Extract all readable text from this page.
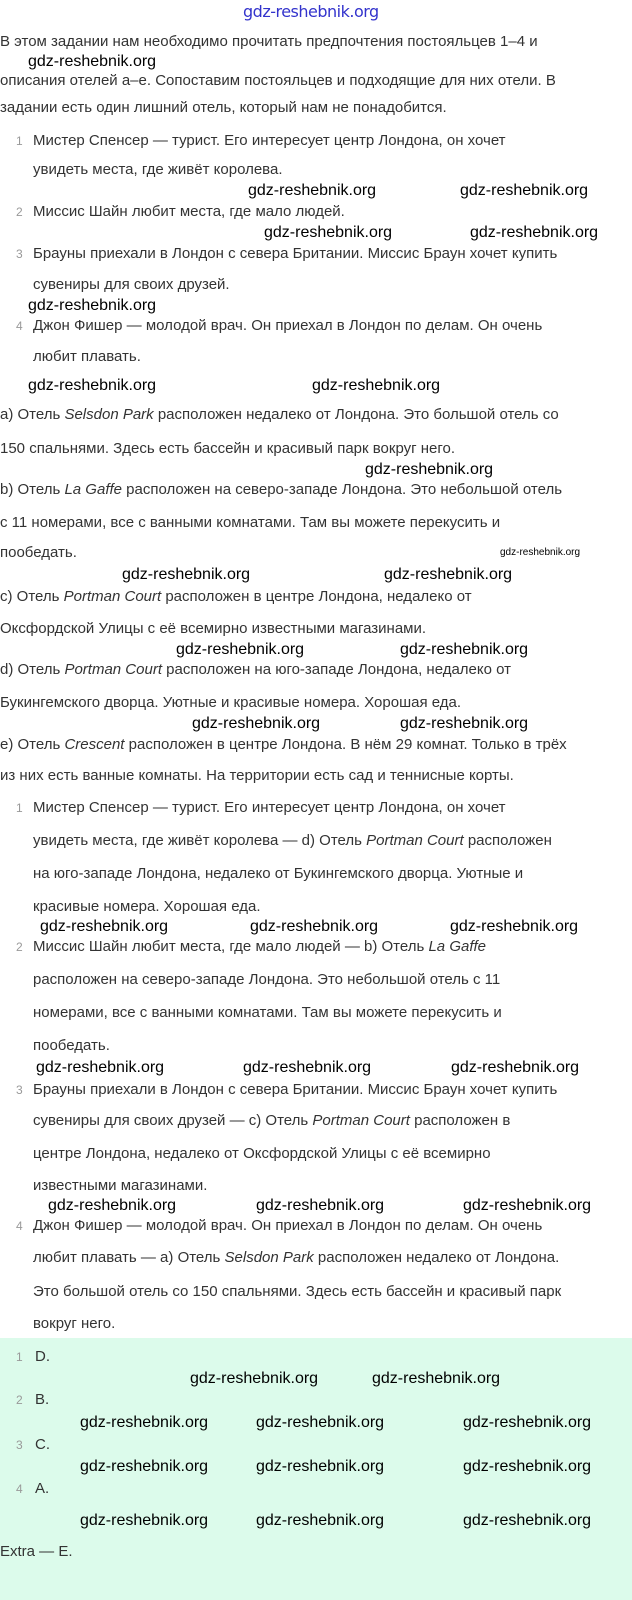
gdz-reshebnik.org
В этом задании нам необходимо прочитать предпочтения постояльцев 1–4 и
описания отелей a–e. Сопоставим постояльцев и подходящие для них отели. В
задании есть один лишний отель, который нам не понадобится.
1 Мистер Спенсер — турист. Его интересует центр Лондона, он хочет
увидеть места, где живёт королева.
2 Миссис Шайн любит места, где мало людей.
3 Брауны приехали в Лондон с севера Британии. Миссис Браун хочет купить
сувениры для своих друзей.
4 Джон Фишер — молодой врач. Он приехал в Лондон по делам. Он очень
любит плавать.
a) Отель Selsdon Park расположен недалеко от Лондона. Это большой отель со
150 спальнями. Здесь есть бассейн и красивый парк вокруг него.
b) Отель La Gaffe расположен на северо-западе Лондона. Это небольшой отель
с 11 номерами, все с ванными комнатами. Там вы можете перекусить и
пообедать.
c) Отель Portman Court расположен в центре Лондона, недалеко от
Оксфордской Улицы с её всемирно известными магазинами.
d) Отель Portman Court расположен на юго-западе Лондона, недалеко от
Букингемского дворца. Уютные и красивые номера. Хорошая еда.
e) Отель Crescent расположен в центре Лондона. В нём 29 комнат. Только в трёх
из них есть ванные комнаты. На территории есть сад и теннисные корты.
1 Мистер Спенсер — турист. Его интересует центр Лондона, он хочет
увидеть места, где живёт королева — d) Отель Portman Court расположен
на юго-западе Лондона, недалеко от Букингемского дворца. Уютные и
красивые номера. Хорошая еда.
2 Миссис Шайн любит места, где мало людей — b) Отель La Gaffe
расположен на северо-западе Лондона. Это небольшой отель с 11
номерами, все с ванными комнатами. Там вы можете перекусить и
пообедать.
3 Брауны приехали в Лондон с севера Британии. Миссис Браун хочет купить
сувениры для своих друзей — c) Отель Portman Court расположен в
центре Лондона, недалеко от Оксфордской Улицы с её всемирно
известными магазинами.
4 Джон Фишер — молодой врач. Он приехал в Лондон по делам. Он очень
любит плавать — a) Отель Selsdon Park расположен недалеко от Лондона.
Это большой отель со 150 спальнями. Здесь есть бассейн и красивый парк
вокруг него.
1 D.
2 B.
3 C.
4 A.
Extra — E.
gdz-reshebnik.org
gdz-reshebnik.org	gdz-reshebnik.org
gdz-reshebnik.org	gdz-reshebnik.org
gdz-reshebnik.org
gdz-reshebnik.org	gdz-reshebnik.org
gdz-reshebnik.org
gdz-reshebnik.org	gdz-reshebnik.org
gdz-reshebnik.org	gdz-reshebnik.org
gdz-reshebnik.org	gdz-reshebnik.org
gdz-reshebnik.org	gdz-reshebnik.org	gdz-reshebnik.org
gdz-reshebnik.org	gdz-reshebnik.org	gdz-reshebnik.org
gdz-reshebnik.org	gdz-reshebnik.org	gdz-reshebnik.org
gdz-reshebnik.org	gdz-reshebnik.org
gdz-reshebnik.org	gdz-reshebnik.org	gdz-reshebnik.org
gdz-reshebnik.org	gdz-reshebnik.org	gdz-reshebnik.org
gdz-reshebnik.org	gdz-reshebnik.org	gdz-reshebnik.org
gdz-reshebnik.org
